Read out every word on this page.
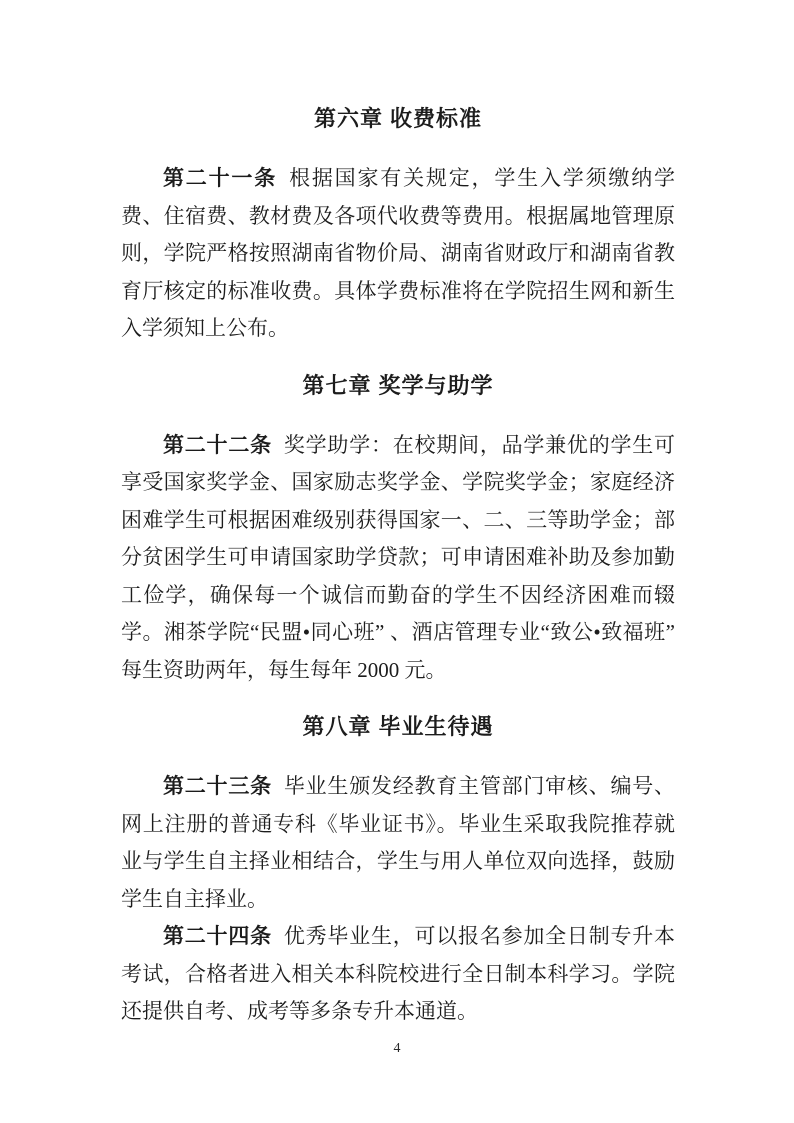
第六章 收费标准

第二十一条 根据国家有关规定，学生入学须缴纳学费、住宿费、教材费及各项代收费等费用。根据属地管理原则，学院严格按照湖南省物价局、湖南省财政厅和湖南省教育厅核定的标准收费。具体学费标准将在学院招生网和新生入学须知上公布。

第七章 奖学与助学

第二十二条 奖学助学：在校期间，品学兼优的学生可享受国家奖学金、国家励志奖学金、学院奖学金；家庭经济困难学生可根据困难级别获得国家一、二、三等助学金；部分贫困学生可申请国家助学贷款；可申请困难补助及参加勤工俭学，确保每一个诚信而勤奋的学生不因经济困难而辍学。湘茶学院“民盟•同心班” 、酒店管理专业“致公•致福班”每生资助两年，每生每年 2000 元。

第八章 毕业生待遇

第二十三条 毕业生颁发经教育主管部门审核、编号、网上注册的普通专科《毕业证书》。毕业生采取我院推荐就业与学生自主择业相结合，学生与用人单位双向选择，鼓励学生自主择业。

第二十四条 优秀毕业生，可以报名参加全日制专升本考试，合格者进入相关本科院校进行全日制本科学习。学院还提供自考、成考等多条专升本通道。

4
